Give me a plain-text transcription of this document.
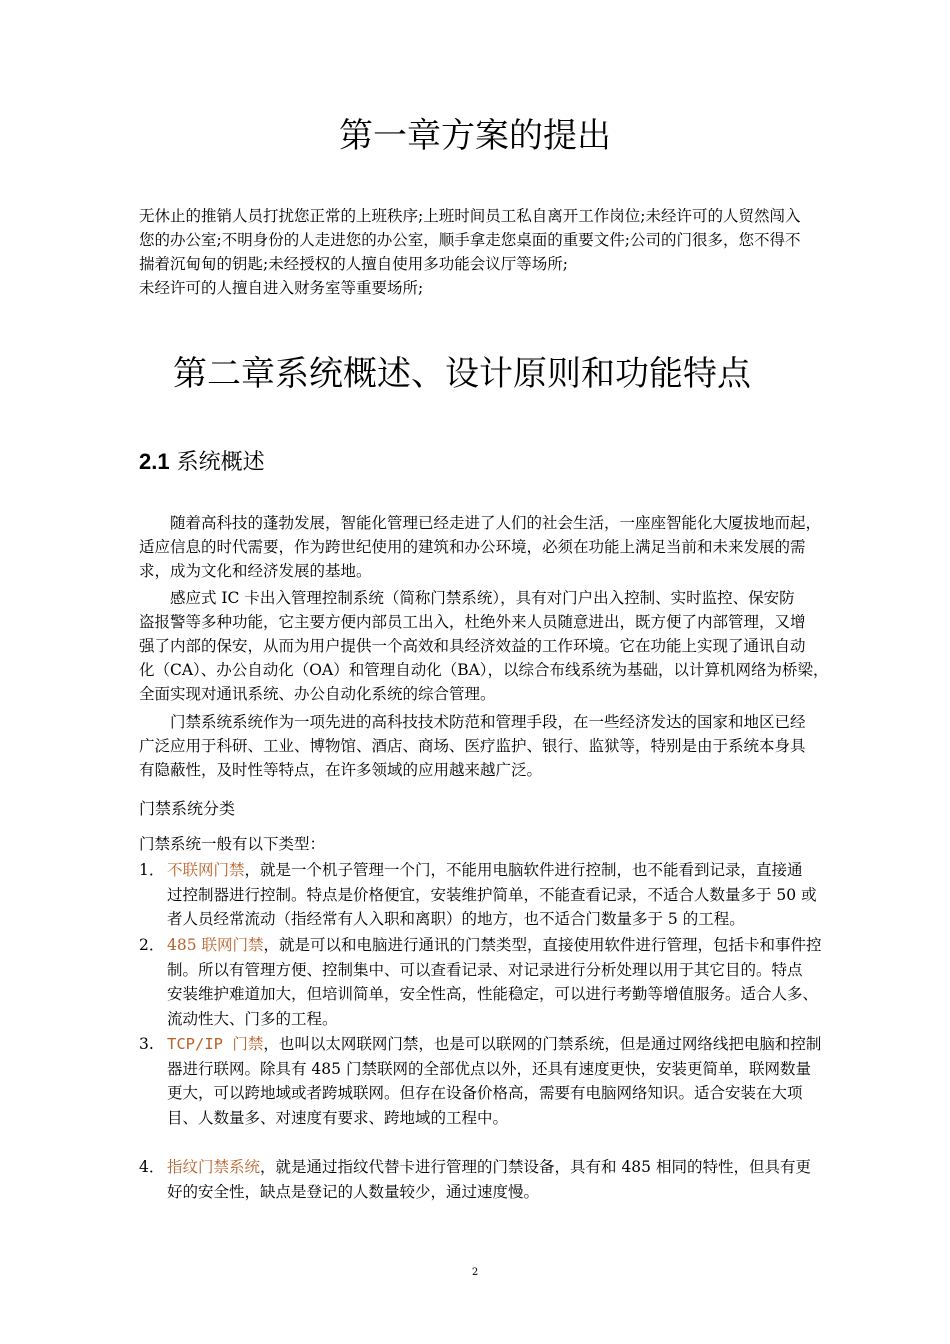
第一章方案的提出
无休止的推销人员打扰您正常的上班秩序;上班时间员工私自离开工作岗位;未经许可的人贸然闯入
您的办公室;不明身份的人走进您的办公室，顺手拿走您桌面的重要文件;公司的门很多，您不得不
揣着沉甸甸的钥匙;未经授权的人擅自使用多功能会议厅等场所;
未经许可的人擅自进入财务室等重要场所;
第二章系统概述、设计原则和功能特点
2.1 系统概述
随着高科技的蓬勃发展，智能化管理已经走进了人们的社会生活，一座座智能化大厦拔地而起，
适应信息的时代需要，作为跨世纪使用的建筑和办公环境，必须在功能上满足当前和未来发展的需
求，成为文化和经济发展的基地。
感应式 IC 卡出入管理控制系统（简称门禁系统），具有对门户出入控制、实时监控、保安防
盗报警等多种功能，它主要方便内部员工出入，杜绝外来人员随意进出，既方便了内部管理，又增
强了内部的保安，从而为用户提供一个高效和具经济效益的工作环境。它在功能上实现了通讯自动
化（CA）、办公自动化（OA）和管理自动化（BA），以综合布线系统为基础，以计算机网络为桥梁，
全面实现对通讯系统、办公自动化系统的综合管理。
门禁系统系统作为一项先进的高科技技术防范和管理手段，在一些经济发达的国家和地区已经
广泛应用于科研、工业、博物馆、酒店、商场、医疗监护、银行、监狱等，特别是由于系统本身具
有隐蔽性，及时性等特点，在许多领域的应用越来越广泛。
门禁系统分类
门禁系统一般有以下类型：
1． 不联网门禁，就是一个机子管理一个门，不能用电脑软件进行控制，也不能看到记录，直接通
过控制器进行控制。特点是价格便宜，安装维护简单，不能查看记录，不适合人数量多于 50 或
者人员经常流动（指经常有人入职和离职）的地方，也不适合门数量多于 5 的工程。
2． 485 联网门禁，就是可以和电脑进行通讯的门禁类型，直接使用软件进行管理，包括卡和事件控
制。所以有管理方便、控制集中、可以查看记录、对记录进行分析处理以用于其它目的。特点
安装维护难道加大，但培训简单，安全性高，性能稳定，可以进行考勤等增值服务。适合人多、
流动性大、门多的工程。
3. TCP/IP 门禁，也叫以太网联网门禁，也是可以联网的门禁系统，但是通过网络线把电脑和控制
器进行联网。除具有 485 门禁联网的全部优点以外，还具有速度更快，安装更简单，联网数量
更大，可以跨地域或者跨城联网。但存在设备价格高，需要有电脑网络知识。适合安装在大项
目、人数量多、对速度有要求、跨地域的工程中。
4． 指纹门禁系统，就是通过指纹代替卡进行管理的门禁设备，具有和 485 相同的特性，但具有更
好的安全性，缺点是登记的人数量较少，通过速度慢。
2
